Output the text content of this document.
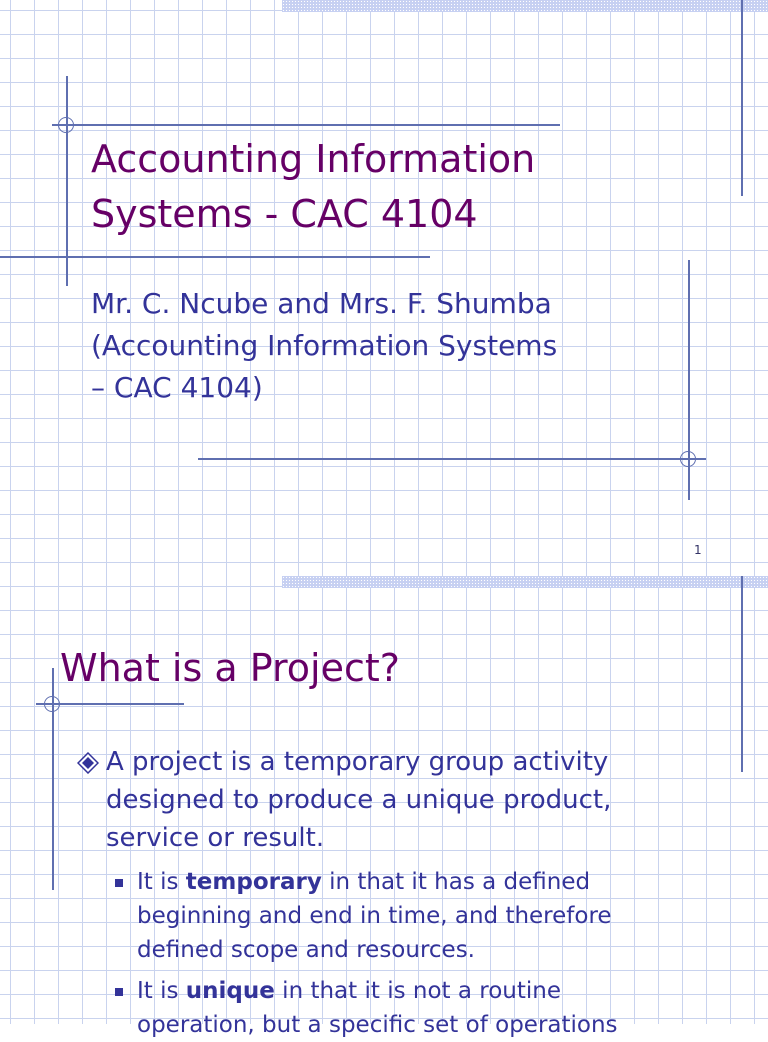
Accounting Information
Systems - CAC 4104

Mr. C. Ncube and Mrs. F. Shumba
(Accounting Information Systems
– CAC 4104)

1
What is a Project?
A project is a temporary group activity
designed to produce a unique product,
service or result.
It is temporary in that it has a defined
beginning and end in time, and therefore
defined scope and resources.
It is unique in that it is not a routine
operation, but a specific set of operations
